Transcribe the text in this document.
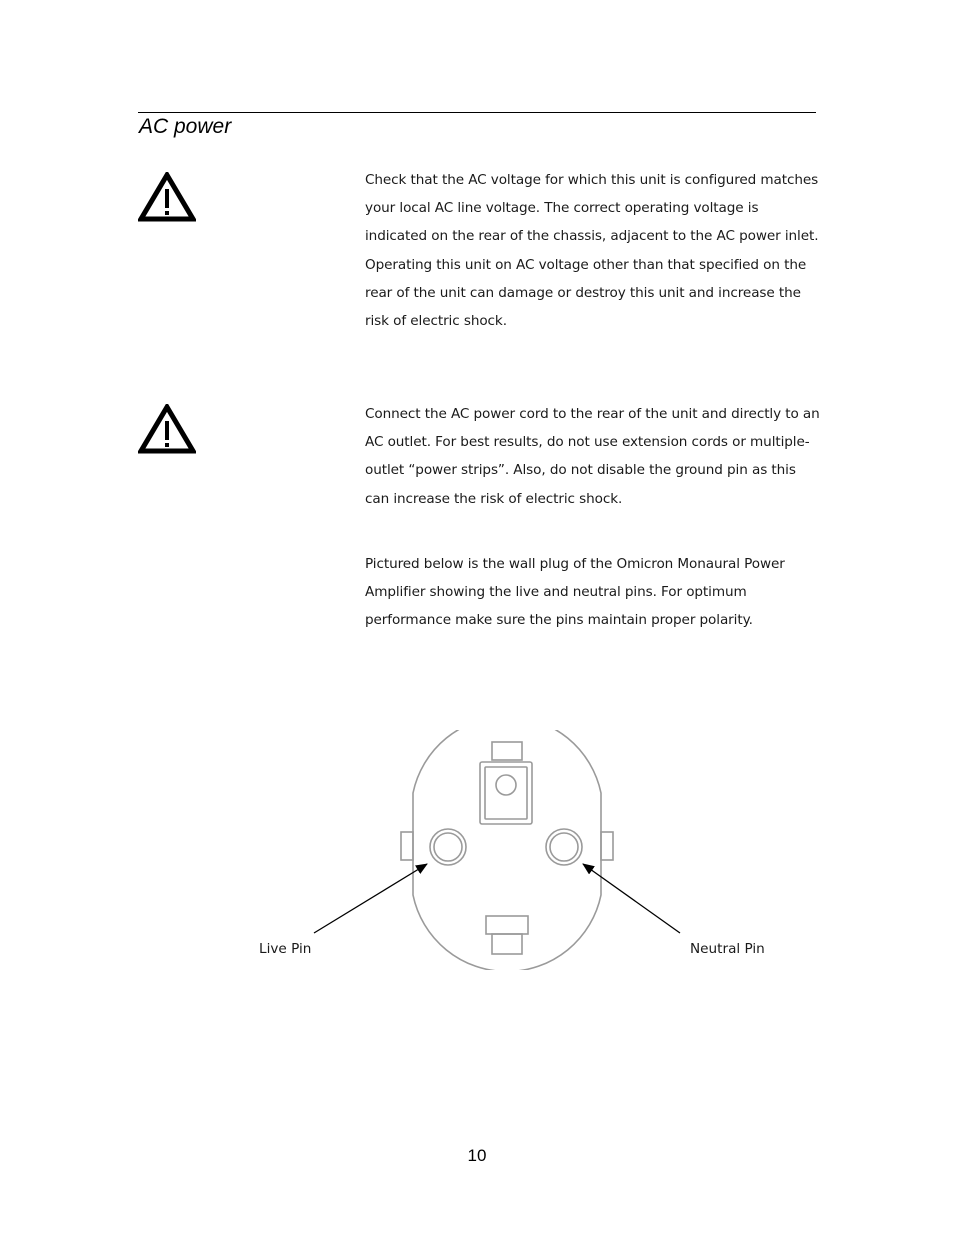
AC power

Check that the AC voltage for which this unit is configured matches your local AC line voltage. The correct operating voltage is indicated on the rear of the chassis, adjacent to the AC power inlet. Operating this unit on AC voltage other than that specified on the rear of the unit can damage or destroy this unit and increase the risk of electric shock.

Connect the AC power cord to the rear of the unit and directly to an AC outlet. For best results, do not use extension cords or multiple-outlet “power strips”. Also, do not disable the ground pin as this can increase the risk of electric shock.

Pictured below is the wall plug of the Omicron Monaural Power Amplifier showing the live and neutral pins. For optimum performance make sure the pins maintain proper polarity.

Live Pin	Neutral Pin
10
